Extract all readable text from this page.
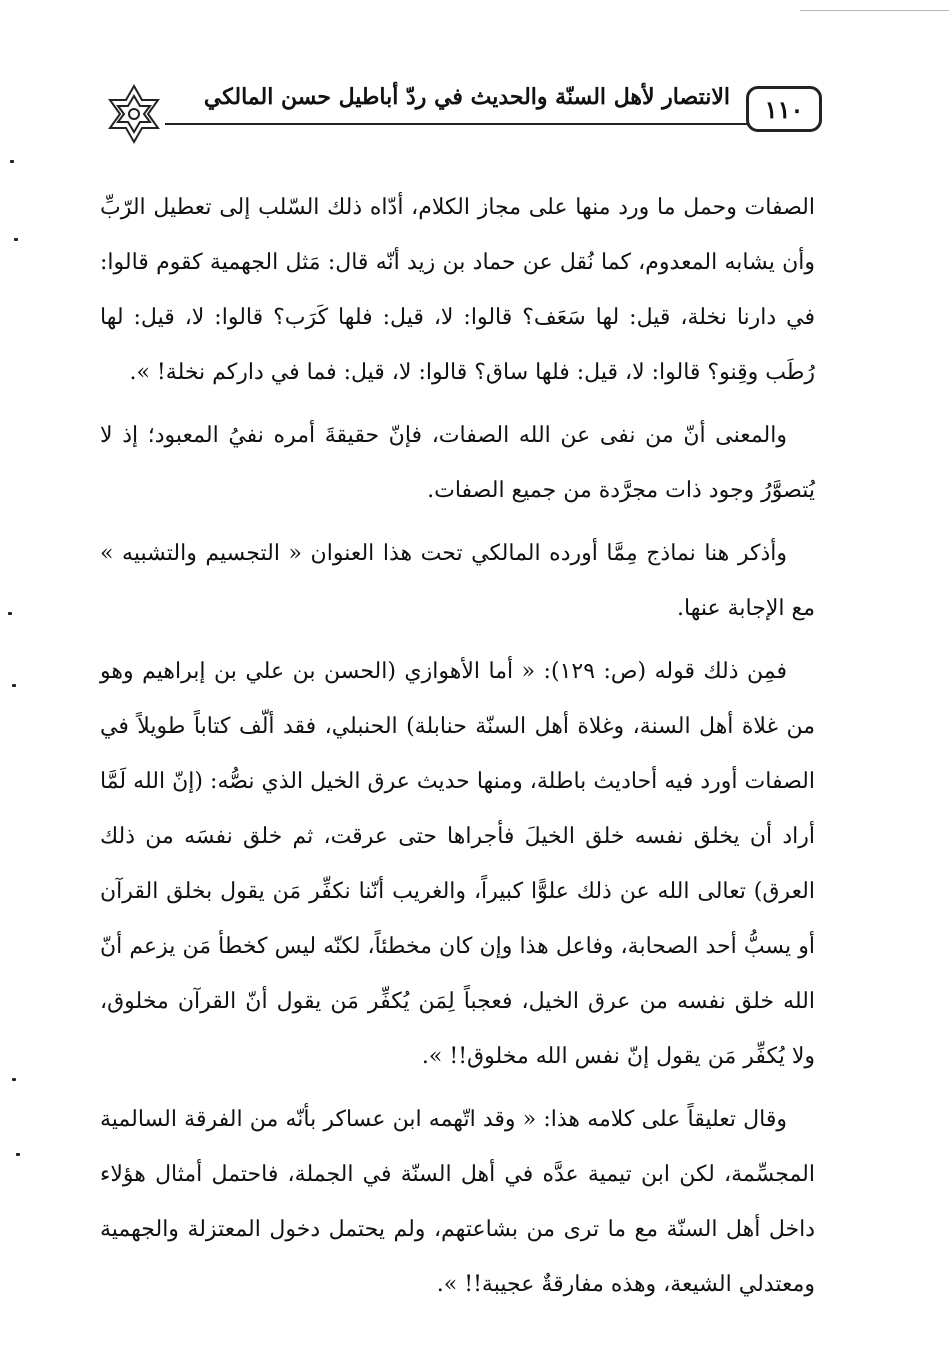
الانتصار لأهل السنّة والحديث في ردّ أباطيل حسن المالكي	١١٠

الصفات وحمل ما ورد منها على مجاز الكلام، أدّاه ذلك السّلب إلى تعطيل الرّبِّ وأن يشابه المعدوم، كما نُقل عن حماد بن زيد أنّه قال: مَثل الجهمية كقوم قالوا: في دارنا نخلة، قيل: لها سَعَف؟ قالوا: لا، قيل: فلها كَرَب؟ قالوا: لا، قيل: لها رُطَب وقِنو؟ قالوا: لا، قيل: فلها ساق؟ قالوا: لا، قيل: فما في داركم نخلة! ».

والمعنى أنّ من نفى عن الله الصفات، فإنّ حقيقةَ أمره نفيُ المعبود؛ إذ لا يُتصوَّرُ وجود ذات مجرَّدة من جميع الصفات.

وأذكر هنا نماذج مِمَّا أورده المالكي تحت هذا العنوان « التجسيم والتشبيه » مع الإجابة عنها.

فمِن ذلك قوله (ص: ١٢٩): « أما الأهوازي (الحسن بن علي بن إبراهيم وهو من غلاة أهل السنة، وغلاة أهل السنّة حنابلة) الحنبلي، فقد ألّف كتاباً طويلاً في الصفات أورد فيه أحاديث باطلة، ومنها حديث عرق الخيل الذي نصُّه: (إنّ الله لَمَّا أراد أن يخلق نفسه خلق الخيلَ فأجراها حتى عرقت، ثم خلق نفسَه من ذلك العرق) تعالى الله عن ذلك علوًّا كبيراً، والغريب أنّنا نكفِّر مَن يقول بخلق القرآن أو يسبُّ أحد الصحابة، وفاعل هذا وإن كان مخطئاً، لكنّه ليس كخطأ مَن يزعم أنّ الله خلق نفسه من عرق الخيل، فعجباً لِمَن يُكفِّر مَن يقول أنّ القرآن مخلوق، ولا يُكفِّر مَن يقول إنّ نفس الله مخلوق!! ».

وقال تعليقاً على كلامه هذا: « وقد اتّهمه ابن عساكر بأنّه من الفرقة السالمية المجسِّمة، لكن ابن تيمية عدَّه في أهل السنّة في الجملة، فاحتمل أمثال هؤلاء داخل أهل السنّة مع ما ترى من بشاعتهم، ولم يحتمل دخول المعتزلة والجهمية ومعتدلي الشيعة، وهذه مفارقةٌ عجيبة!! ».
